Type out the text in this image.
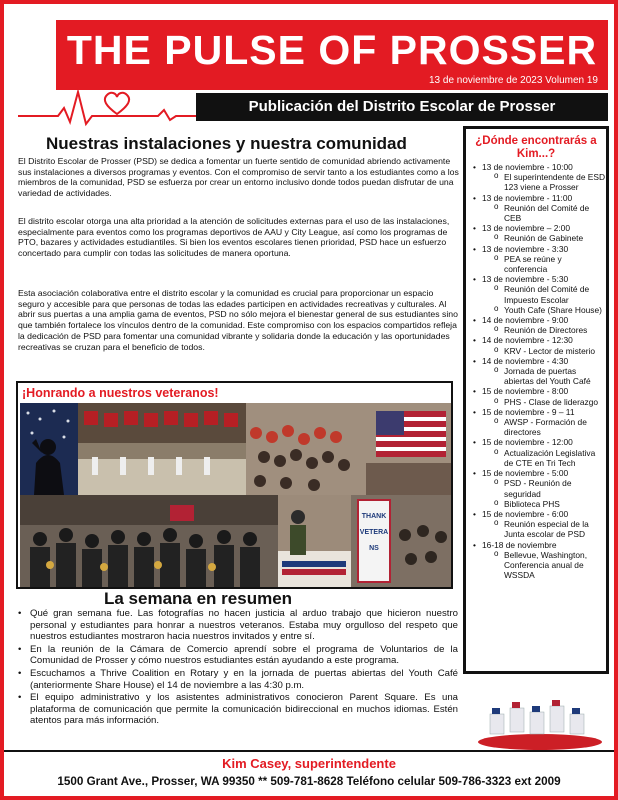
THE PULSE OF PROSSER
13 de noviembre de 2023 Volumen 19
Publicación del Distrito Escolar de Prosser
Nuestras instalaciones y nuestra comunidad

El Distrito Escolar de Prosser (PSD) se dedica a fomentar un fuerte sentido de comunidad abriendo activamente sus instalaciones a diversos programas y eventos. Con el compromiso de servir tanto a los estudiantes como a los miembros de la comunidad, PSD se esfuerza por crear un entorno inclusivo donde todos puedan disfrutar de una variedad de actividades.

El distrito escolar otorga una alta prioridad a la atención de solicitudes externas para el uso de las instalaciones, especialmente para eventos como los programas deportivos de AAU y City League, así como los programas de PTO, bazares y actividades estudiantiles. Si bien los eventos escolares tienen prioridad, PSD hace un esfuerzo concertado para cumplir con todas las solicitudes de manera oportuna.

Esta asociación colaborativa entre el distrito escolar y la comunidad es crucial para proporcionar un espacio seguro y accesible para que personas de todas las edades participen en actividades recreativas y culturales. Al abrir sus puertas a una amplia gama de eventos, PSD no sólo mejora el bienestar general de sus estudiantes sino que también fortalece los vínculos dentro de la comunidad. Este compromiso con los espacios compartidos refleja la dedicación de PSD para fomentar una comunidad vibrante y solidaria donde la educación y las oportunidades recreativas se cruzan para el beneficio de todos.

¡Honrando a nuestros veteranos!
THANK VETERANS
La semana en resumen
• Qué gran semana fue. Las fotografías no hacen justicia al arduo trabajo que hicieron nuestro personal y estudiantes para honrar a nuestros veteranos. Estaba muy orgulloso del respeto que nuestros estudiantes mostraron hacia nuestros invitados y entre sí.
• En la reunión de la Cámara de Comercio aprendí sobre el programa de Voluntarios de la Comunidad de Prosser y cómo nuestros estudiantes están ayudando a este programa.
• Escuchamos a Thrive Coalition en Rotary y en la jornada de puertas abiertas del Youth Café (anteriormente Share House) el 14 de noviembre a las 4:30 p.m.
• El equipo administrativo y los asistentes administrativos conocieron Parent Square. Es una plataforma de comunicación que permite la comunicación bidireccional en muchos idiomas. Estén atentos para más información.
¿Dónde encontrarás a Kim...?
• 13 de noviembre - 10:00
o El superintendente de ESD 123 viene a Prosser
• 13 de noviembre - 11:00
o Reunión del Comité de CEB
• 13 de noviembre – 2:00
o Reunión de Gabinete
• 13 de noviembre - 3:30
o PEA se reúne y conferencia
• 13 de noviembre - 5:30
o Reunión del Comité de Impuesto Escolar
o Youth Cafe (Share House)
• 14 de noviembre - 9:00
o Reunión de Directores
• 14 de noviembre - 12:30
o KRV - Lector de misterio
• 14 de noviembre - 4:30
o Jornada de puertas abiertas del Youth Café
• 15 de noviembre - 8:00
o PHS - Clase de liderazgo
• 15 de noviembre - 9 – 11
o AWSP - Formación de directores
• 15 de noviembre - 12:00
o Actualización Legislativa de CTE en Tri Tech
• 15 de noviembre - 5:00
o PSD - Reunión de seguridad
o Biblioteca PHS
• 15 de noviembre - 6:00
o Reunión especial de la Junta escolar de PSD
• 16-18 de noviembre
o Bellevue, Washington, Conferencia anual de WSSDA
Kim Casey, superintendente
1500 Grant Ave., Prosser, WA 99350 ** 509-781-8628 Teléfono celular 509-786-3323 ext 2009
